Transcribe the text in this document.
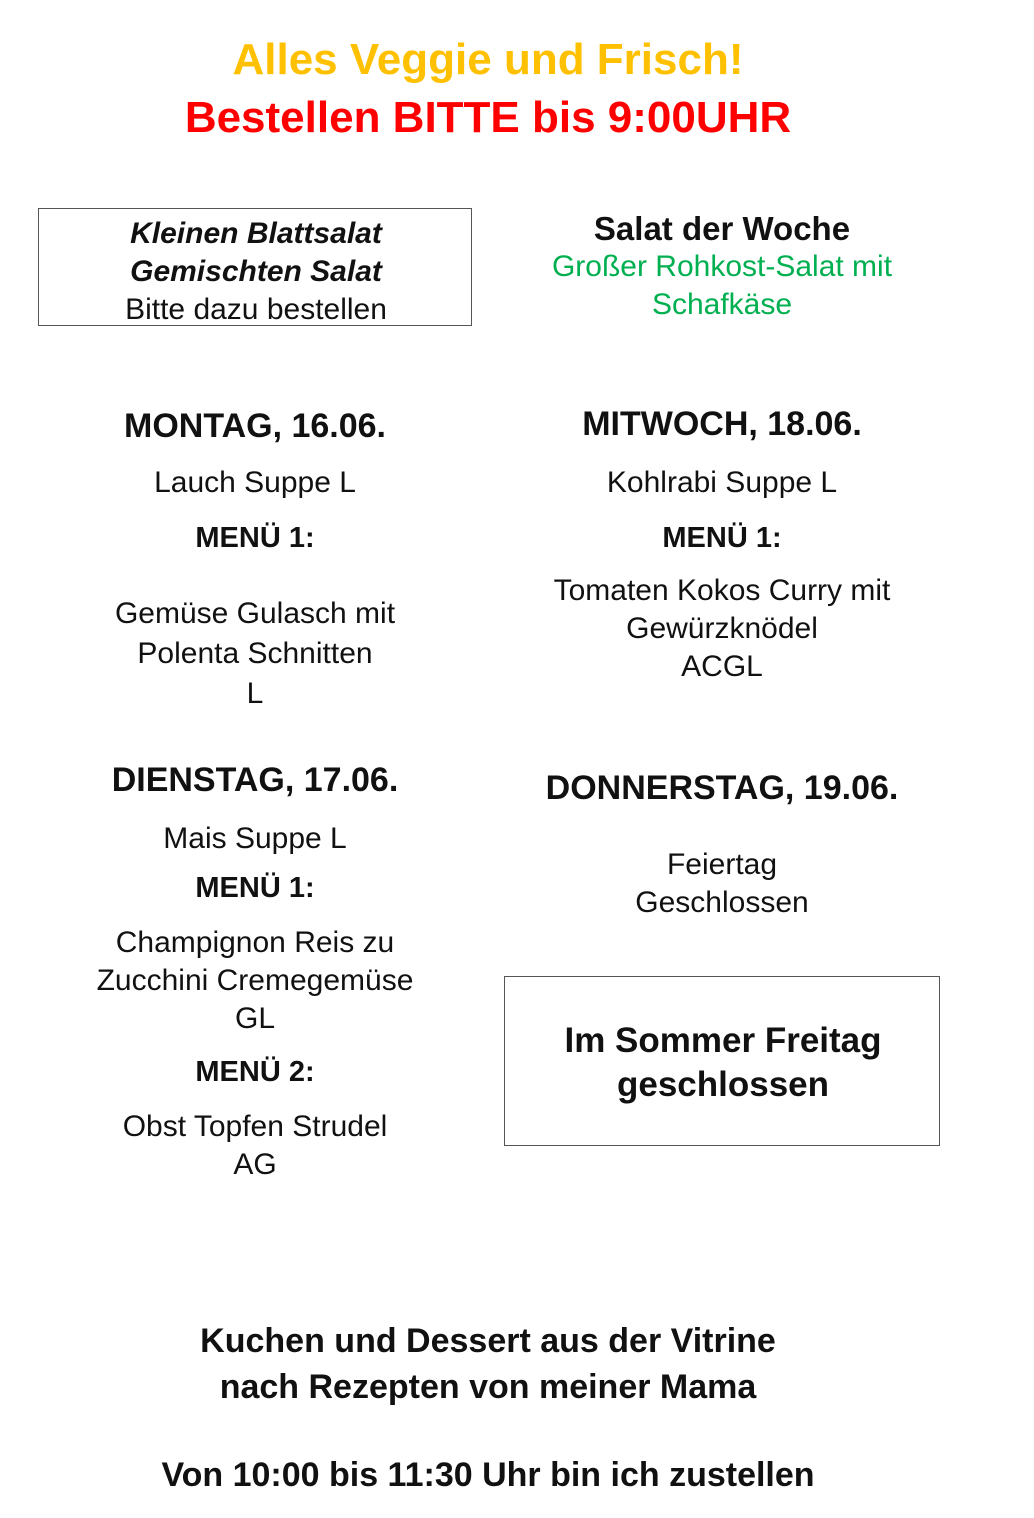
Alles Veggie und Frisch!
Bestellen BITTE bis 9:00UHR
Kleinen Blattsalat
Gemischten Salat
Bitte dazu bestellen
Salat der Woche
Großer Rohkost-Salat mit
Schafkäse
MONTAG, 16.06.
Lauch Suppe L
MENÜ 1:
Gemüse Gulasch mit
Polenta Schnitten
L
DIENSTAG, 17.06.
Mais Suppe L
MENÜ 1:
Champignon Reis zu
Zucchini Cremegemüse
GL
MENÜ 2:
Obst Topfen Strudel
AG
MITWOCH, 18.06.
Kohlrabi Suppe L
MENÜ 1:
Tomaten Kokos Curry mit
Gewürzknödel
ACGL
DONNERSTAG, 19.06.
Feiertag
Geschlossen
Im Sommer Freitag
geschlossen
Kuchen und Dessert aus der Vitrine
nach Rezepten von meiner Mama
Von 10:00 bis 11:30 Uhr bin ich zustellen
